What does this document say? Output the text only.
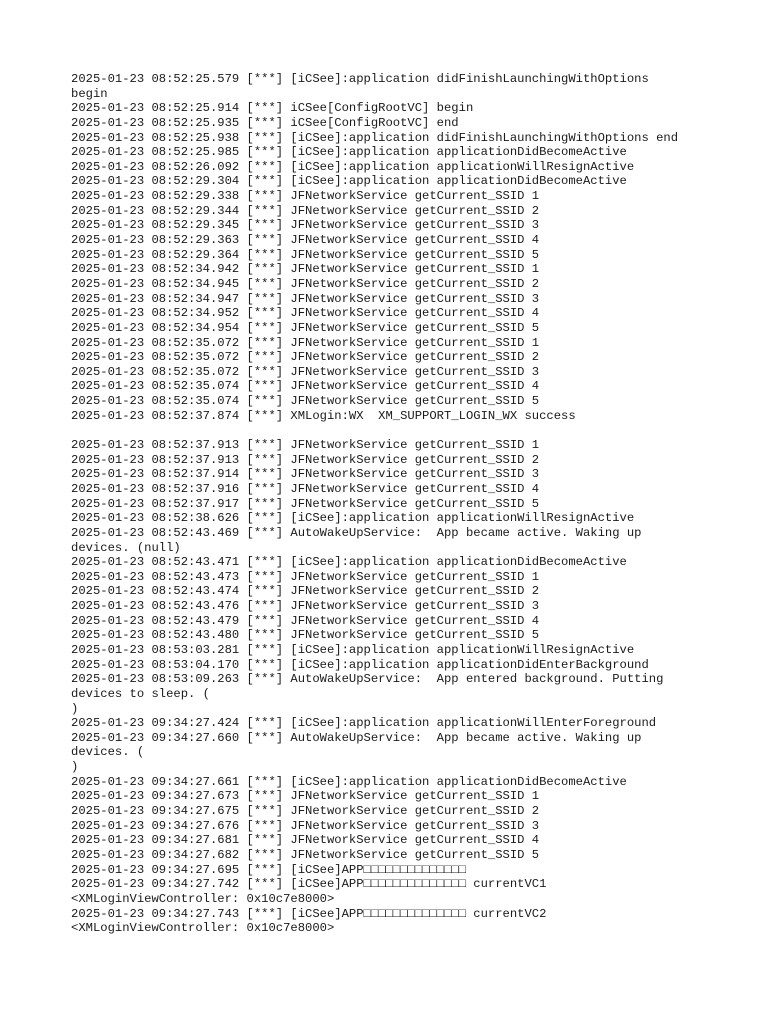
2025-01-23 08:52:25.579 [***] [iCSee]:application didFinishLaunchingWithOptions
begin
2025-01-23 08:52:25.914 [***] iCSee[ConfigRootVC] begin
2025-01-23 08:52:25.935 [***] iCSee[ConfigRootVC] end
2025-01-23 08:52:25.938 [***] [iCSee]:application didFinishLaunchingWithOptions end
2025-01-23 08:52:25.985 [***] [iCSee]:application applicationDidBecomeActive
2025-01-23 08:52:26.092 [***] [iCSee]:application applicationWillResignActive
2025-01-23 08:52:29.304 [***] [iCSee]:application applicationDidBecomeActive
2025-01-23 08:52:29.338 [***] JFNetworkService getCurrent_SSID 1
2025-01-23 08:52:29.344 [***] JFNetworkService getCurrent_SSID 2
2025-01-23 08:52:29.345 [***] JFNetworkService getCurrent_SSID 3
2025-01-23 08:52:29.363 [***] JFNetworkService getCurrent_SSID 4
2025-01-23 08:52:29.364 [***] JFNetworkService getCurrent_SSID 5
2025-01-23 08:52:34.942 [***] JFNetworkService getCurrent_SSID 1
2025-01-23 08:52:34.945 [***] JFNetworkService getCurrent_SSID 2
2025-01-23 08:52:34.947 [***] JFNetworkService getCurrent_SSID 3
2025-01-23 08:52:34.952 [***] JFNetworkService getCurrent_SSID 4
2025-01-23 08:52:34.954 [***] JFNetworkService getCurrent_SSID 5
2025-01-23 08:52:35.072 [***] JFNetworkService getCurrent_SSID 1
2025-01-23 08:52:35.072 [***] JFNetworkService getCurrent_SSID 2
2025-01-23 08:52:35.072 [***] JFNetworkService getCurrent_SSID 3
2025-01-23 08:52:35.074 [***] JFNetworkService getCurrent_SSID 4
2025-01-23 08:52:35.074 [***] JFNetworkService getCurrent_SSID 5
2025-01-23 08:52:37.874 [***] XMLogin:WX  XM_SUPPORT_LOGIN_WX success
2025-01-23 08:52:37.913 [***] JFNetworkService getCurrent_SSID 1
2025-01-23 08:52:37.913 [***] JFNetworkService getCurrent_SSID 2
2025-01-23 08:52:37.914 [***] JFNetworkService getCurrent_SSID 3
2025-01-23 08:52:37.916 [***] JFNetworkService getCurrent_SSID 4
2025-01-23 08:52:37.917 [***] JFNetworkService getCurrent_SSID 5
2025-01-23 08:52:38.626 [***] [iCSee]:application applicationWillResignActive
2025-01-23 08:52:43.469 [***] AutoWakeUpService:  App became active. Waking up
devices. (null)
2025-01-23 08:52:43.471 [***] [iCSee]:application applicationDidBecomeActive
2025-01-23 08:52:43.473 [***] JFNetworkService getCurrent_SSID 1
2025-01-23 08:52:43.474 [***] JFNetworkService getCurrent_SSID 2
2025-01-23 08:52:43.476 [***] JFNetworkService getCurrent_SSID 3
2025-01-23 08:52:43.479 [***] JFNetworkService getCurrent_SSID 4
2025-01-23 08:52:43.480 [***] JFNetworkService getCurrent_SSID 5
2025-01-23 08:53:03.281 [***] [iCSee]:application applicationWillResignActive
2025-01-23 08:53:04.170 [***] [iCSee]:application applicationDidEnterBackground
2025-01-23 08:53:09.263 [***] AutoWakeUpService:  App entered background. Putting
devices to sleep. (
)
2025-01-23 09:34:27.424 [***] [iCSee]:application applicationWillEnterForeground
2025-01-23 09:34:27.660 [***] AutoWakeUpService:  App became active. Waking up
devices. (
)
2025-01-23 09:34:27.661 [***] [iCSee]:application applicationDidBecomeActive
2025-01-23 09:34:27.673 [***] JFNetworkService getCurrent_SSID 1
2025-01-23 09:34:27.675 [***] JFNetworkService getCurrent_SSID 2
2025-01-23 09:34:27.676 [***] JFNetworkService getCurrent_SSID 3
2025-01-23 09:34:27.681 [***] JFNetworkService getCurrent_SSID 4
2025-01-23 09:34:27.682 [***] JFNetworkService getCurrent_SSID 5
2025-01-23 09:34:27.695 [***] [iCSee]APP□□□□□□□□□□□□□□
2025-01-23 09:34:27.742 [***] [iCSee]APP□□□□□□□□□□□□□□ currentVC1
<XMLoginViewController: 0x10c7e8000>
2025-01-23 09:34:27.743 [***] [iCSee]APP□□□□□□□□□□□□□□ currentVC2
<XMLoginViewController: 0x10c7e8000>
